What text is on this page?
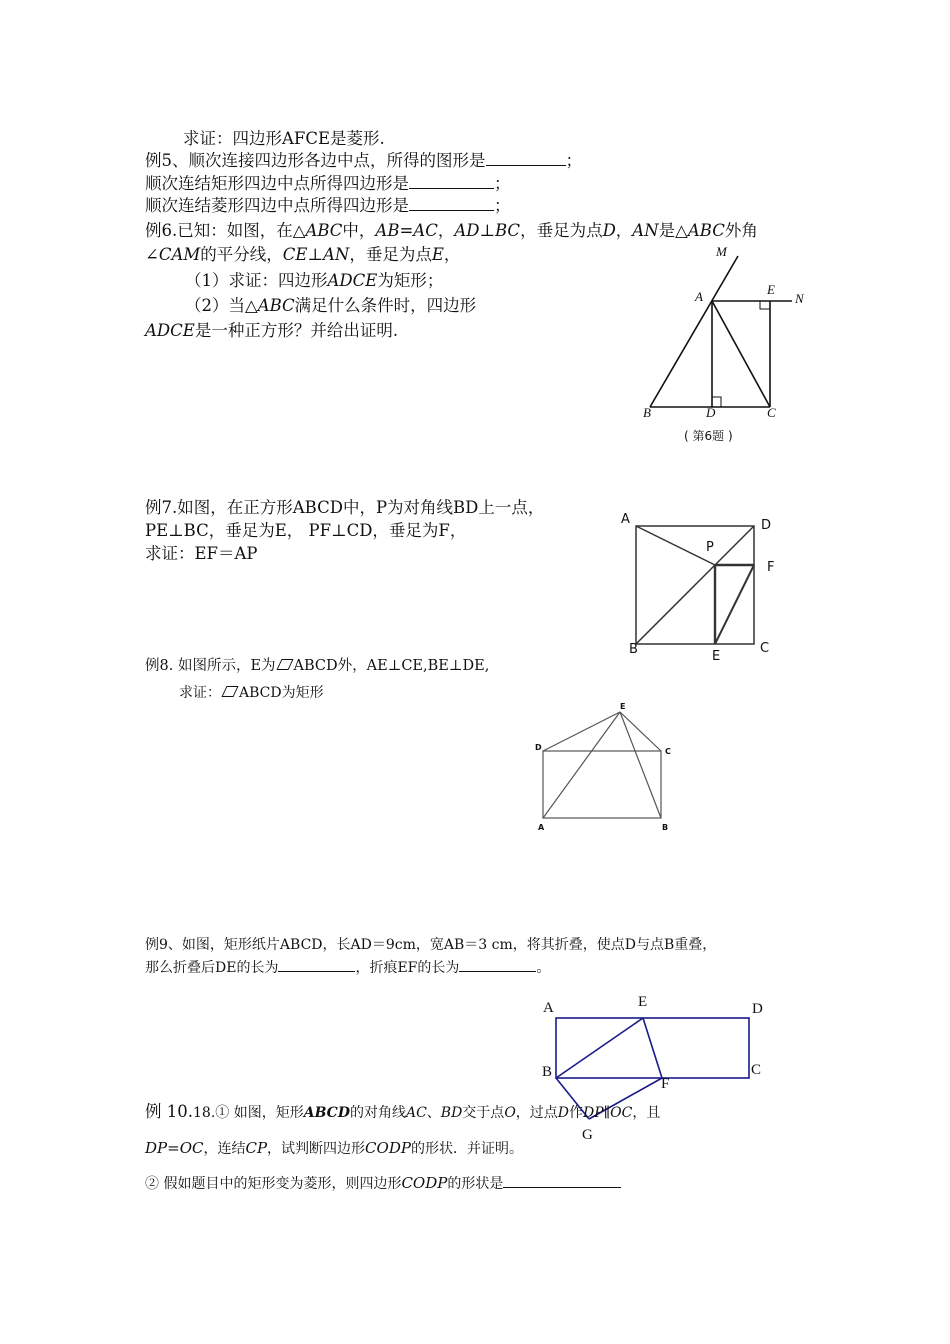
求证：四边形AFCE是菱形.
例5、顺次连接四边形各边中点，所得的图形是	；
顺次连结矩形四边中点所得四边形是	；
顺次连结菱形四边中点所得四边形是	；
例6.已知：如图，在△ABC中，AB=AC，AD⊥BC，垂足为点D，AN是△ABC外角
∠CAM的平分线，CE⊥AN，垂足为点E，
（1）求证：四边形ADCE为矩形；
（2）当△ABC满足什么条件时，四边形
ADCE是一种正方形？并给出证明.
M
A	E
N
B	D	C
( 第6题 )
例7.如图，在正方形ABCD中，P为对角线BD上一点，
PE⊥BC，垂足为E， PF⊥CD，垂足为F，
求证：EF＝AP
A	D
P
F
B	E
C
例8. 如图所示，E为 ABCD外，AE⊥CE,BE⊥DE,
求证： ABCD为矩形
E
D	C
A	B
例9、如图，矩形纸片ABCD，长AD＝9cm，宽AB＝3 cm，将其折叠，使点D与点B重叠，
那么折叠后DE的长为	，折痕EF的长为	。
A	E	D
B	C
F
G
例 10.18.① 如图，矩形ABCD的对角线AC、BD交于点O，过点D作DP∥OC，且
DP=OC，连结CP，试判断四边形CODP的形状．并证明。
② 假如题目中的矩形变为菱形，则四边形CODP的形状是
